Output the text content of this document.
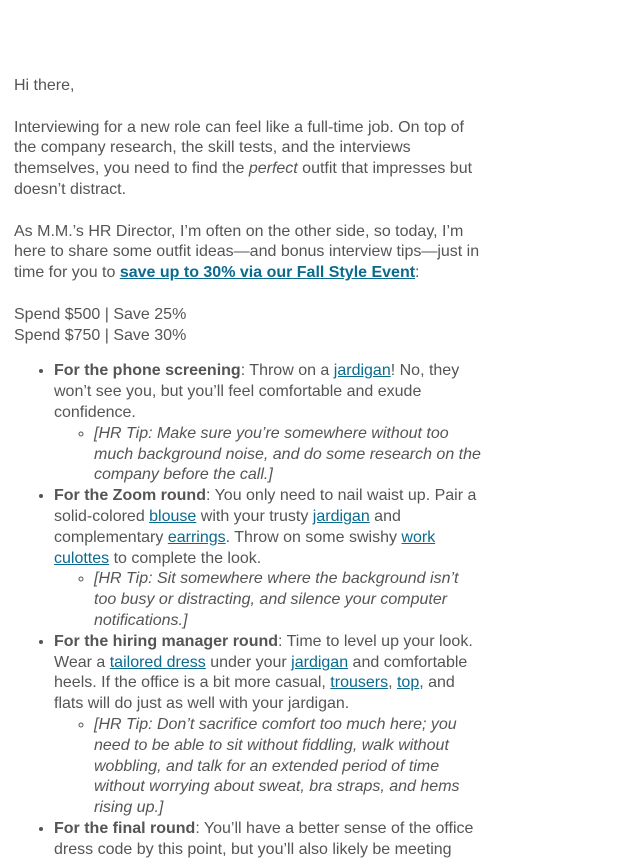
Hi there,

Interviewing for a new role can feel like a full-time job. On top of the company research, the skill tests, and the interviews themselves, you need to find the perfect outfit that impresses but doesn’t distract.

As M.M.’s HR Director, I’m often on the other side, so today, I’m here to share some outfit ideas—and bonus interview tips—just in time for you to save up to 30% via our Fall Style Event:

Spend $500 | Save 25%

Spend $750 | Save 30%

• For the phone screening: Throw on a jardigan! No, they won’t see you, but you’ll feel comfortable and exude confidence.
◦ [HR Tip: Make sure you’re somewhere without too much background noise, and do some research on the company before the call.]
• For the Zoom round: You only need to nail waist up. Pair a solid-colored blouse with your trusty jardigan and complementary earrings. Throw on some swishy work culottes to complete the look.
◦ [HR Tip: Sit somewhere where the background isn’t too busy or distracting, and silence your computer notifications.]
• For the hiring manager round: Time to level up your look. Wear a tailored dress under your jardigan and comfortable heels. If the office is a bit more casual, trousers, top, and flats will do just as well with your jardigan.
◦ [HR Tip: Don’t sacrifice comfort too much here; you need to be able to sit without fiddling, walk without wobbling, and talk for an extended period of time without worrying about sweat, bra straps, and hems rising up.]
• For the final round: You’ll have a better sense of the office dress code by this point, but you’ll also likely be meeting
